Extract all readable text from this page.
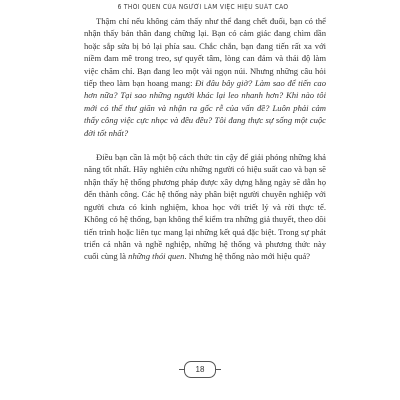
6 THÓI QUEN CỦA NGƯỜI LÀM VIỆC HIỆU SUẤT CAO

Thậm chí nếu không cảm thấy như thể đang chết đuối, bạn có thể nhận thấy bản thân đang chững lại. Bạn có cảm giác đang chìm dần hoặc sắp sửa bị bỏ lại phía sau. Chắc chắn, bạn đang tiến rất xa với niềm đam mê trong treo, sự quyết tâm, lòng can đảm và thái độ làm việc chăm chỉ. Bạn đang leo một vài ngọn núi. Nhưng những câu hỏi tiếp theo làm bạn hoang mang: Đi đâu bây giờ? Làm sao để tiến cao hơn nữa? Tại sao những người khác lại leo nhanh hơn? Khi nào tôi mới có thể thư giãn và nhận ra gốc rễ của vấn đề? Luôn phải cảm thấy công việc cực nhọc và đều đều? Tôi đang thực sự sống một cuộc đời tốt nhất?

Điều bạn cần là một bộ cách thức tin cậy để giải phóng những khả năng tốt nhất. Hãy nghiên cứu những người có hiệu suất cao và bạn sẽ nhận thấy hệ thống phương pháp được xây dựng hằng ngày sẽ dẫn họ đến thành công. Các hệ thống này phân biệt người chuyên nghiệp với người chưa có kinh nghiệm, khoa học với triết lý và rời thực tế. Không có hệ thống, bạn không thể kiểm tra những giả thuyết, theo dõi tiến trình hoặc liên tục mang lại những kết quả đặc biệt. Trong sự phát triển cá nhân và nghề nghiệp, những hệ thống và phương thức này cuối cùng là những thói quen. Nhưng hệ thống nào mới hiệu quả?

18
